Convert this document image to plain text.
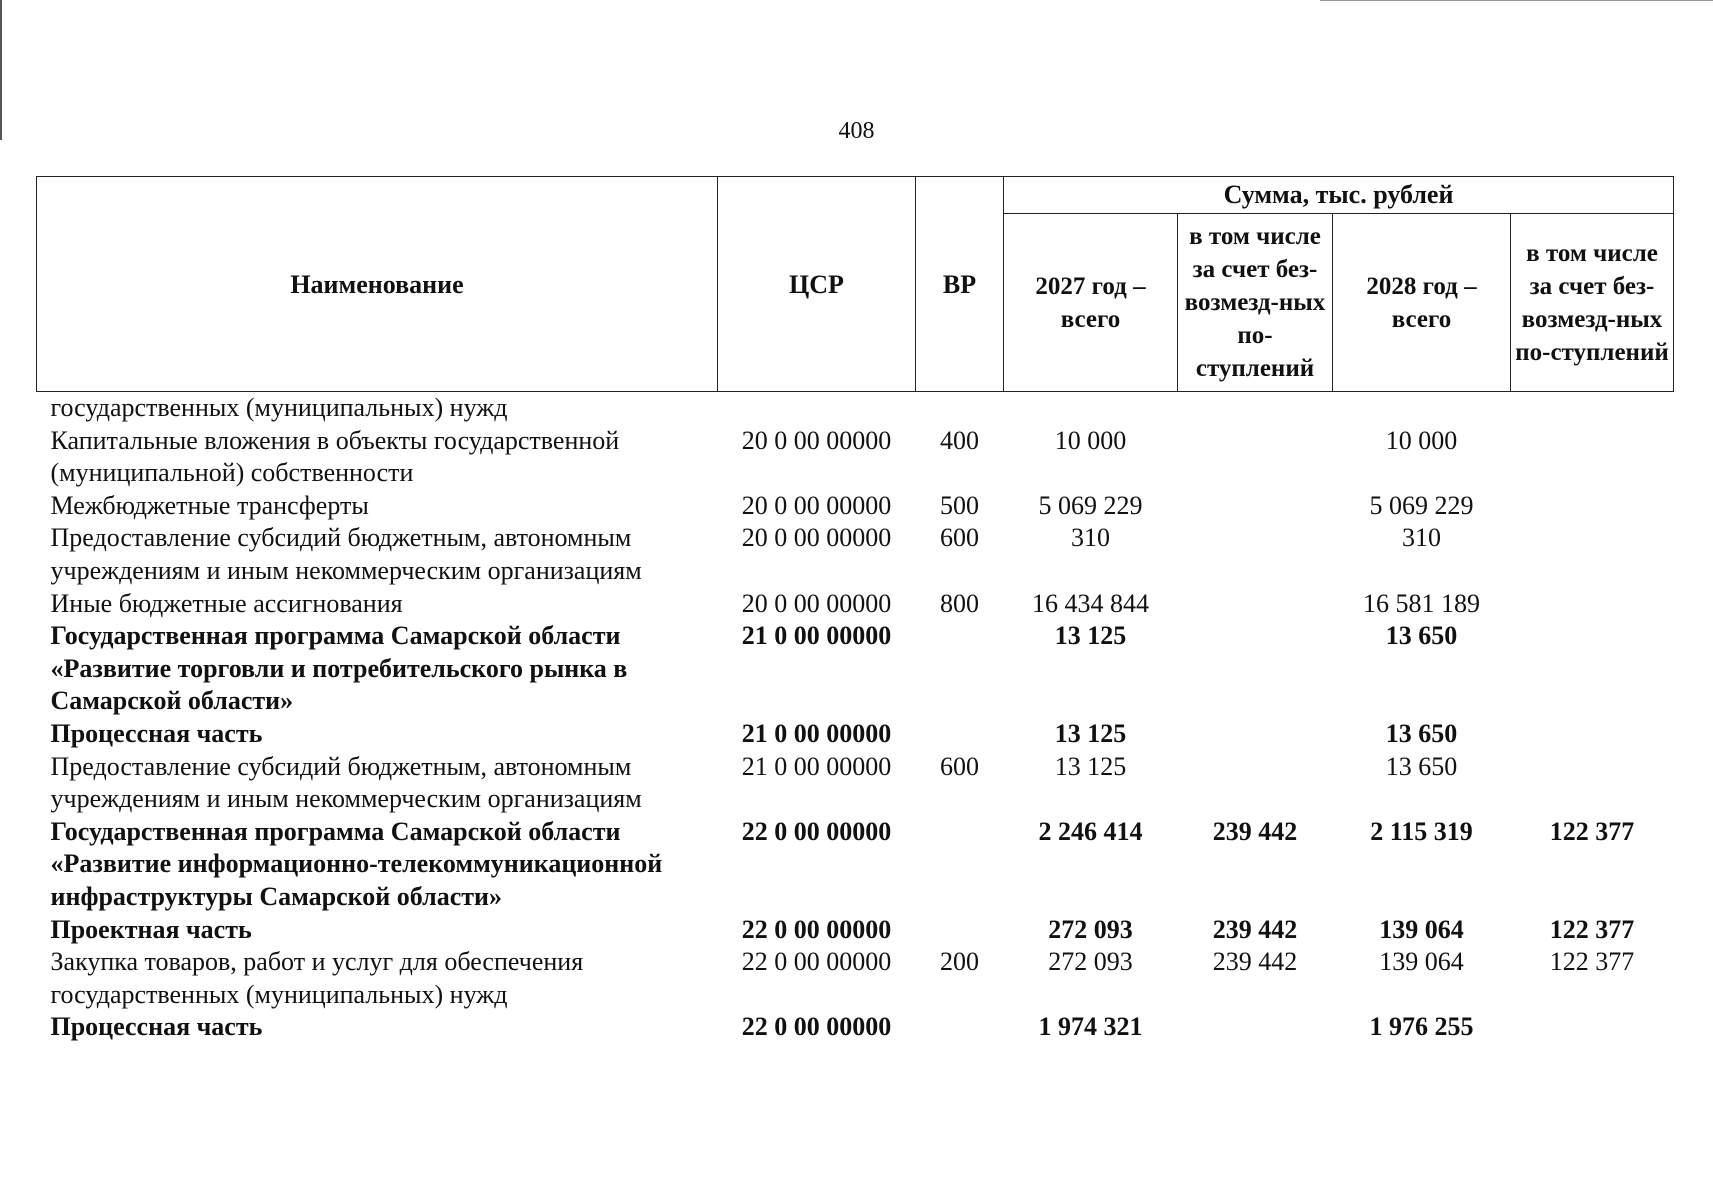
408
Наименование	ЦСР	ВР	Сумма, тыс. рублей			
			2027 год – всего	в том числе за счет без-возмезд-ных по-ступлений	2028 год – всего	в том числе за счет без-возмезд-ных по-ступлений
государственных (муниципальных) нужд						
Капитальные вложения в объекты государственной (муниципальной) собственности	20 0 00 00000	400	10 000		10 000	
Межбюджетные трансферты	20 0 00 00000	500	5 069 229		5 069 229	
Предоставление субсидий бюджетным, автономным учреждениям и иным некоммерческим организациям	20 0 00 00000	600	310		310	
Иные бюджетные ассигнования	20 0 00 00000	800	16 434 844		16 581 189	
Государственная программа Самарской области «Развитие торговли и потребительского рынка в Самарской области»	21 0 00 00000		13 125		13 650	
Процессная часть	21 0 00 00000		13 125		13 650	
Предоставление субсидий бюджетным, автономным учреждениям и иным некоммерческим организациям	21 0 00 00000	600	13 125		13 650	
Государственная программа Самарской области «Развитие информационно-телекоммуникационной инфраструктуры Самарской области»	22 0 00 00000		2 246 414	239 442	2 115 319	122 377
Проектная часть	22 0 00 00000		272 093	239 442	139 064	122 377
Закупка товаров, работ и услуг для обеспечения государственных (муниципальных) нужд	22 0 00 00000	200	272 093	239 442	139 064	122 377
Процессная часть	22 0 00 00000		1 974 321		1 976 255	
